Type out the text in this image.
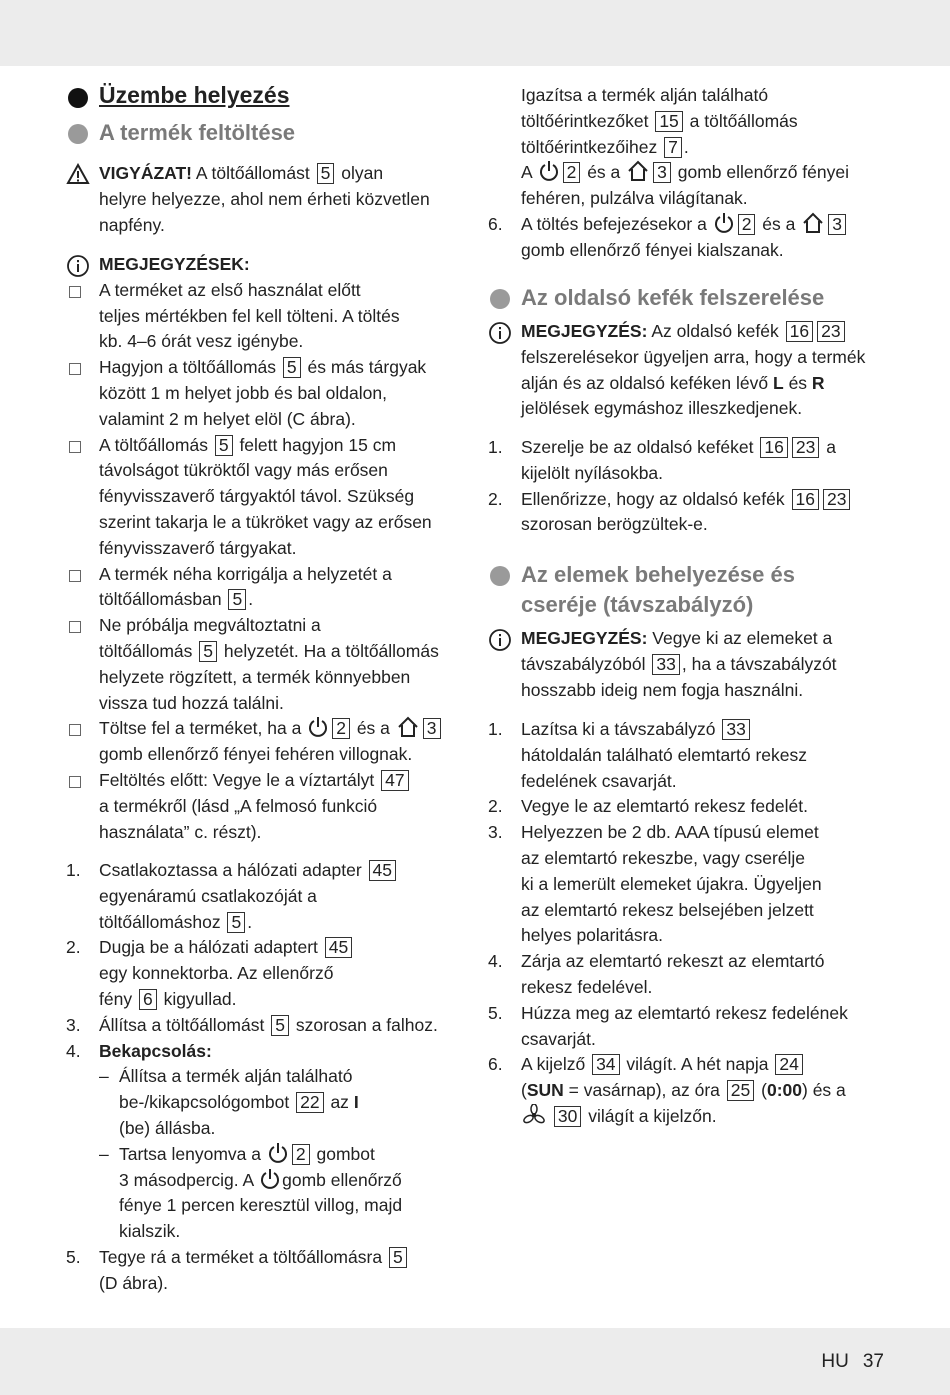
Üzembe helyezés
A termék feltöltése
VIGYÁZAT! A töltőállomást 5 olyan
helyre helyezze, ahol nem érheti közvetlen
napfény.
MEGJEGYZÉSEK:
A terméket az első használat előtt
teljes mértékben fel kell tölteni. A töltés
kb. 4–6 órát vesz igénybe.
Hagyjon a töltőállomás 5 és más tárgyak
között 1 m helyet jobb és bal oldalon,
valamint 2 m helyet elöl (C ábra).
A töltőállomás 5 felett hagyjon 15 cm
távolságot tükröktől vagy más erősen
fényvisszaverő tárgyaktól távol. Szükség
szerint takarja le a tükröket vagy az erősen
fényvisszaverő tárgyakat.
A termék néha korrigálja a helyzetét a
töltőállomásban 5 .
Ne próbálja megváltoztatni a
töltőállomás 5 helyzetét. Ha a töltőállomás
helyzete rögzített, a termék könnyebben
vissza tud hozzá találni.
Töltse fel a terméket, ha a 2 és a 3
gomb ellenőrző fényei fehéren villognak.
Feltöltés előtt: Vegye le a víztartályt 47
a termékről (lásd „A felmosó funkció
használata” c. részt).
1. Csatlakoztassa a hálózati adapter 45
egyenáramú csatlakozóját a
töltőállomáshoz 5 .
2. Dugja be a hálózati adaptert 45
egy konnektorba. Az ellenőrző
fény 6 kigyullad.
3. Állítsa a töltőállomást 5 szorosan a falhoz.
4. Bekapcsolás:
– Állítsa a termék alján található
be-/kikapcsológombot 22 az I
(be) állásba.
– Tartsa lenyomva a 2 gombot
3 másodpercig. A gomb ellenőrző
fénye 1 percen keresztül villog, majd
kialszik.
5. Tegye rá a terméket a töltőállomásra 5
(D ábra).
Igazítsa a termék alján található
töltőérintkezőket 15 a töltőállomás
töltőérintkezőihez 7 .
A 2 és a 3 gomb ellenőrző fényei
fehéren, pulzálva világítanak.
6. A töltés befejezésekor a 2 és a 3
gomb ellenőrző fényei kialszanak.
Az oldalsó kefék felszerelése
MEGJEGYZÉS: Az oldalsó kefék 16 23
felszerelésekor ügyeljen arra, hogy a termék
alján és az oldalsó keféken lévő L és R
jelölések egymáshoz illeszkedjenek.
1. Szerelje be az oldalsó keféket 16 23 a
kijelölt nyílásokba.
2. Ellenőrizze, hogy az oldalsó kefék 16 23
szorosan berögzültek-e.
Az elemek behelyezése és
cseréje (távszabályzó)
MEGJEGYZÉS: Vegye ki az elemeket a
távszabályzóból 33 , ha a távszabályzót
hosszabb ideig nem fogja használni.
1. Lazítsa ki a távszabályzó 33
hátoldalán található elemtartó rekesz
fedelének csavarját.
2. Vegye le az elemtartó rekesz fedelét.
3. Helyezzen be 2 db. AAA típusú elemet
az elemtartó rekeszbe, vagy cserélje
ki a lemerült elemeket újakra. Ügyeljen
az elemtartó rekesz belsejében jelzett
helyes polaritásra.
4. Zárja az elemtartó rekeszt az elemtartó
rekesz fedelével.
5. Húzza meg az elemtartó rekesz fedelének
csavarját.
6. A kijelző 34 világít. A hét napja 24
(SUN = vasárnap), az óra 25 (0:00) és a
30 világít a kijelzőn.
HU 37
